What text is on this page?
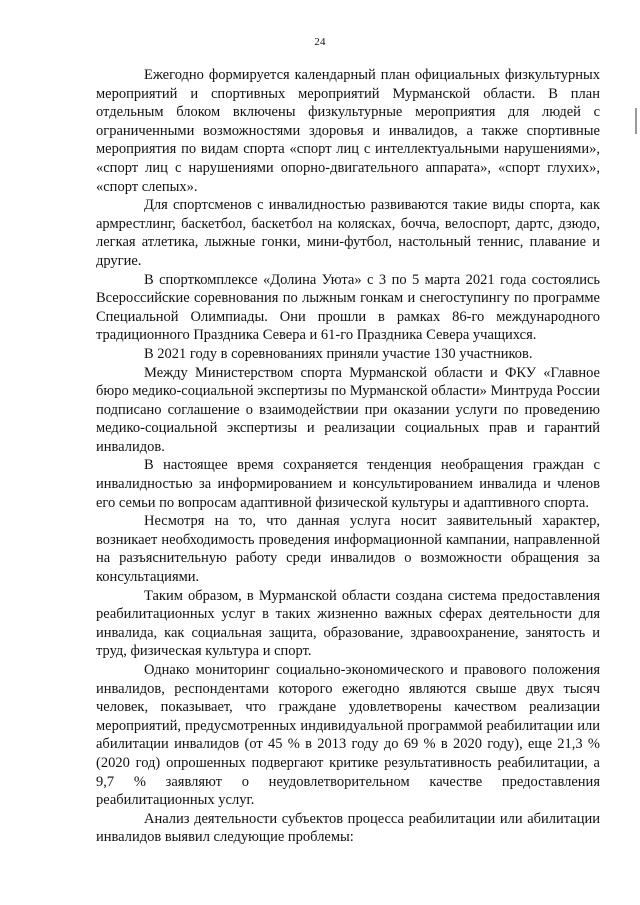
24

Ежегодно формируется календарный план официальных физкультурных мероприятий и спортивных мероприятий Мурманской области. В план отдельным блоком включены физкультурные мероприятия для людей с ограниченными возможностями здоровья и инвалидов, а также спортивные мероприятия по видам спорта «спорт лиц с интеллектуальными нарушениями», «спорт лиц с нарушениями опорно-двигательного аппарата», «спорт глухих», «спорт слепых».

Для спортсменов с инвалидностью развиваются такие виды спорта, как армрестлинг, баскетбол, баскетбол на колясках, бочча, велоспорт, дартс, дзюдо, легкая атлетика, лыжные гонки, мини-футбол, настольный теннис, плавание и другие.

В спорткомплексе «Долина Уюта» с 3 по 5 марта 2021 года состоялись Всероссийские соревнования по лыжным гонкам и снегоступингу по программе Специальной Олимпиады. Они прошли в рамках 86-го международного традиционного Праздника Севера и 61-го Праздника Севера учащихся.

В 2021 году в соревнованиях приняли участие 130 участников.

Между Министерством спорта Мурманской области и ФКУ «Главное бюро медико-социальной экспертизы по Мурманской области» Минтруда России подписано соглашение о взаимодействии при оказании услуги по проведению медико-социальной экспертизы и реализации социальных прав и гарантий инвалидов.

В настоящее время сохраняется тенденция необращения граждан с инвалидностью за информированием и консультированием инвалида и членов его семьи по вопросам адаптивной физической культуры и адаптивного спорта.

Несмотря на то, что данная услуга носит заявительный характер, возникает необходимость проведения информационной кампании, направленной на разъяснительную работу среди инвалидов о возможности обращения за консультациями.

Таким образом, в Мурманской области создана система предоставления реабилитационных услуг в таких жизненно важных сферах деятельности для инвалида, как социальная защита, образование, здравоохранение, занятость и труд, физическая культура и спорт.

Однако мониторинг социально-экономического и правового положения инвалидов, респондентами которого ежегодно являются свыше двух тысяч человек, показывает, что граждане удовлетворены качеством реализации мероприятий, предусмотренных индивидуальной программой реабилитации или абилитации инвалидов (от 45 % в 2013 году до 69 % в 2020 году), еще 21,3 % (2020 год) опрошенных подвергают критике результативность реабилитации, а 9,7 % заявляют о неудовлетворительном качестве предоставления реабилитационных услуг.

Анализ деятельности субъектов процесса реабилитации или абилитации инвалидов выявил следующие проблемы:
